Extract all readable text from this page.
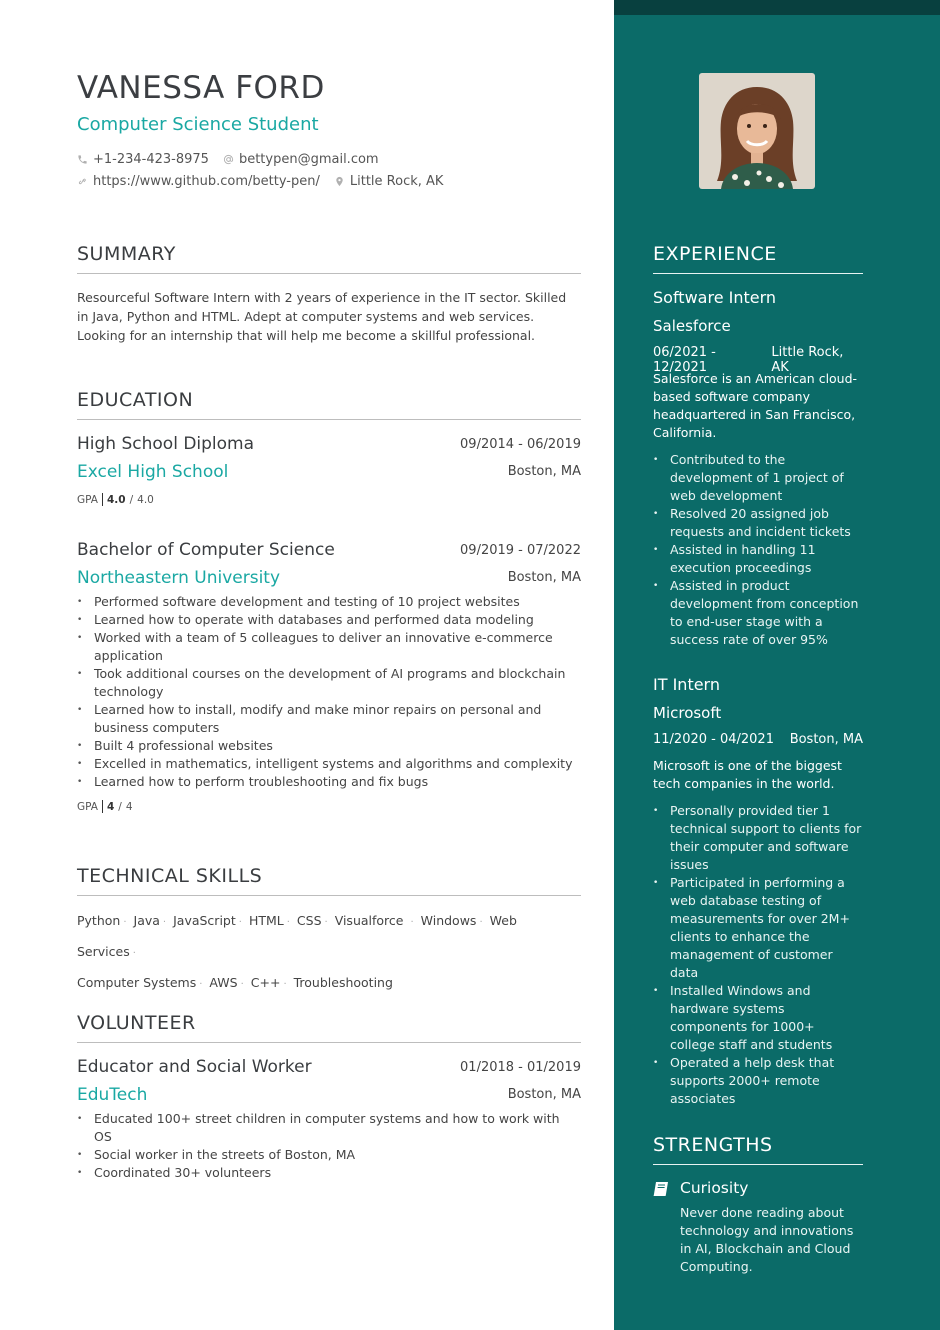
VANESSA FORD
Computer Science Student
+1-234-423-8975 bettypen@gmail.com
https://www.github.com/betty-pen/ Little Rock, AK
SUMMARY

Resourceful Software Intern with 2 years of experience in the IT sector. Skilled in Java, Python and HTML. Adept at computer systems and web services. Looking for an internship that will help me become a skillful professional.

EDUCATION
High School Diploma	09/2014 - 06/2019
Excel High School	Boston, MA
GPA 4.0 / 4.0
Bachelor of Computer Science	09/2019 - 07/2022
Northeastern University	Boston, MA
• Performed software development and testing of 10 project websites
• Learned how to operate with databases and performed data modeling
• Worked with a team of 5 colleagues to deliver an innovative e-commerce application
• Took additional courses on the development of AI programs and blockchain technology
• Learned how to install, modify and make minor repairs on personal and business computers
• Built 4 professional websites
• Excelled in mathematics, intelligent systems and algorithms and complexity
• Learned how to perform troubleshooting and fix bugs
GPA 4 / 4
TECHNICAL SKILLS
Python · Java · JavaScript · HTML · CSS · Visualforce · Windows · Web Services ·
Computer Systems · AWS · C++ · Troubleshooting
VOLUNTEER
Educator and Social Worker	01/2018 - 01/2019
EduTech	Boston, MA
• Educated 100+ street children in computer systems and how to work with OS
• Social worker in the streets of Boston, MA
• Coordinated 30+ volunteers
EXPERIENCE
Software Intern
Salesforce
06/2021 - 12/2021
Little Rock, AK
Salesforce is an American cloud-based software company headquartered in San Francisco, California.
• Contributed to the development of 1 project of web development
• Resolved 20 assigned job requests and incident tickets
• Assisted in handling 11 execution proceedings
• Assisted in product development from conception to end-user stage with a success rate of over 95%
IT Intern
Microsoft
11/2020 - 04/2021 Boston, MA
Microsoft is one of the biggest tech companies in the world.
• Personally provided tier 1 technical support to clients for their computer and software issues
• Participated in performing a web database testing of measurements for over 2M+ clients to enhance the management of customer data
• Installed Windows and hardware systems components for 1000+ college staff and students
• Operated a help desk that supports 2000+ remote associates
STRENGTHS
Curiosity
Never done reading about technology and innovations in AI, Blockchain and Cloud Computing.
